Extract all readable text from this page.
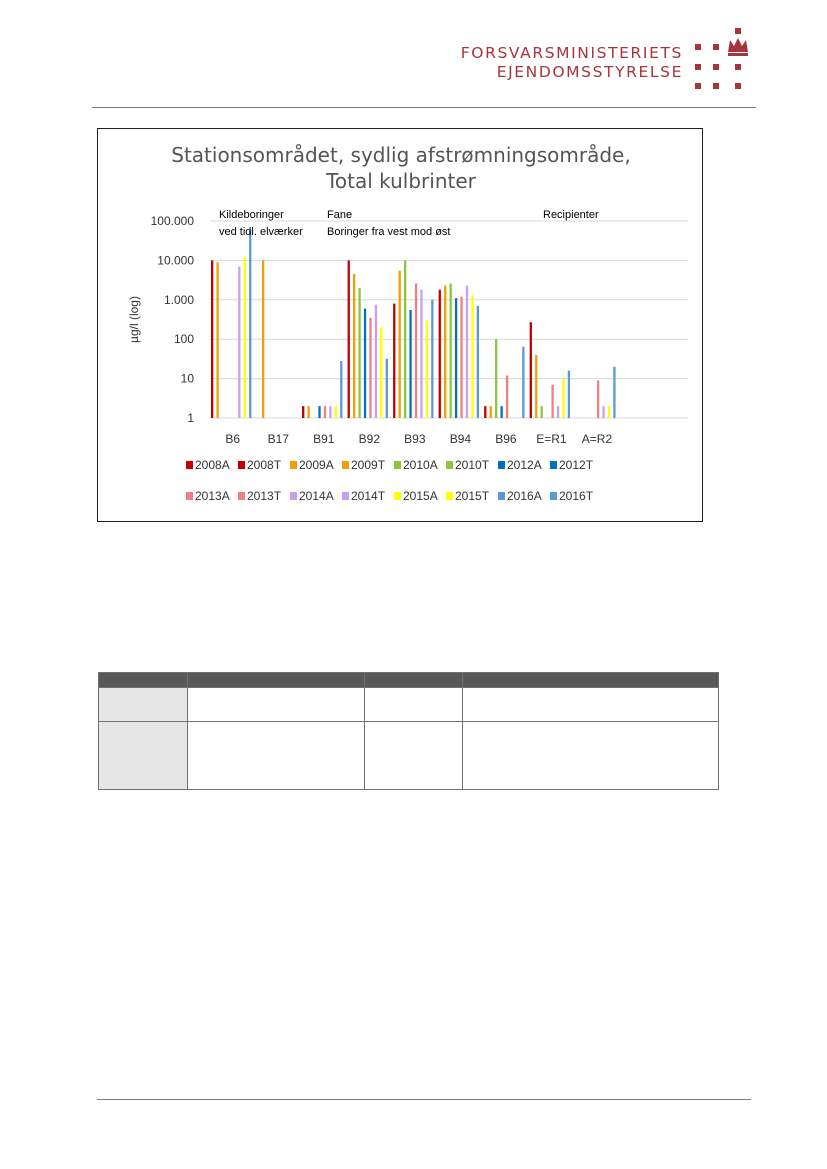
FORSVARSMINISTERIETS
EJENDOMSSTYRELSE
Stationsområdet, sydlig afstrømningsområde,
Total kulbrinter
1
10
100
1.000
10.000
100.000
µg/l (log)
B6 B17 B91 B92 B93 B94 B96 E=R1 A=R2
Kildeboringer
ved tidl. elværker
Fane
Boringer fra vest mod øst
Recipienter
2008A 2008T 2009A 2009T 2010A 2010T 2012A 2012T
2013A 2013T 2014A 2014T 2015A 2015T 2016A 2016T
